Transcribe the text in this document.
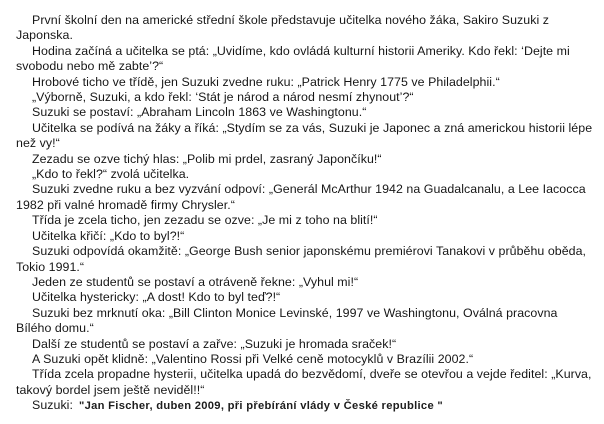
První školní den na americké střední škole představuje učitelka nového žáka, Sakiro Suzuki z Japonska.

Hodina začíná a učitelka se ptá: „Uvidíme, kdo ovládá kulturní historii Ameriky. Kdo řekl: ‘Dejte mi svobodu nebo mě zabte’?“

Hrobové ticho ve třídě, jen Suzuki zvedne ruku: „Patrick Henry 1775 ve Philadelphii.“

„Výborně, Suzuki, a kdo řekl: ‘Stát je národ a národ nesmí zhynout’?“

Suzuki se postaví: „Abraham Lincoln 1863 ve Washingtonu.“

Učitelka se podívá na žáky a říká: „Stydím se za vás, Suzuki je Japonec a zná americkou historii lépe než vy!“

Zezadu se ozve tichý hlas: „Polib mi prdel, zasraný Japončíku!“

„Kdo to řekl?“ zvolá učitelka.

Suzuki zvedne ruku a bez vyzvání odpoví: „Generál McArthur 1942 na Guadalcanalu, a Lee Iacocca 1982 při valné hromadě firmy Chrysler.“

Třída je zcela ticho, jen zezadu se ozve: „Je mi z toho na blití!“

Učitelka křičí: „Kdo to byl?!“

Suzuki odpovídá okamžitě: „George Bush senior japonskému premiérovi Tanakovi v průběhu oběda, Tokio 1991.“

Jeden ze studentů se postaví a otráveně řekne: „Vyhul mi!“

Učitelka hystericky: „A dost! Kdo to byl teď?!“

Suzuki bez mrknutí oka: „Bill Clinton Monice Levinské, 1997 ve Washingtonu, Oválná pracovna Bílého domu.“

Další ze studentů se postaví a zařve: „Suzuki je hromada sraček!“

A Suzuki opět klidně: „Valentino Rossi při Velké ceně motocyklů v Brazílii 2002.“

Třída zcela propadne hysterii, učitelka upadá do bezvědomí, dveře se otevřou a vejde ředitel: „Kurva, takový bordel jsem ještě neviděl!!“

Suzuki: "Jan Fischer, duben 2009, při přebírání vlády v České republice "
